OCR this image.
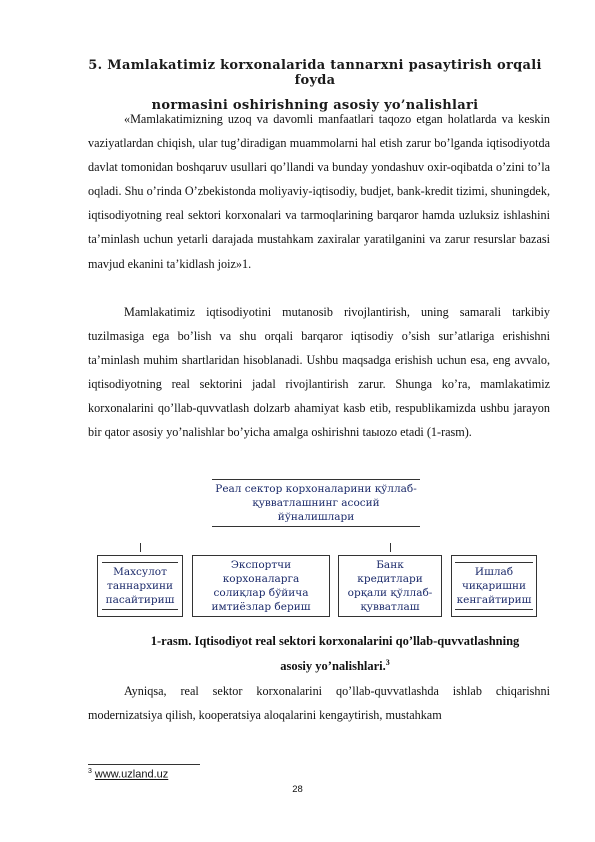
5. Mamlakatimiz korxonalarida tannarxni pasaytirish orqali foyda
normasini oshirishning asosiy yo’nalishlari

«Mamlakatimizning uzoq va davomli manfaatlari taqozo etgan holatlarda va keskin vaziyatlardan chiqish, ular tug’diradigan muammolarni hal etish zarur bo’lganda iqtisodiyotda davlat tomonidan boshqaruv usullari qo’llandi va bunday yondashuv oxir-oqibatda o’zini to’la oqladi. Shu o’rinda O’zbekistonda moliyaviy-iqtisodiy, budjet, bank-kredit tizimi, shuningdek, iqtisodiyotning real sektori korxonalari va tarmoqlarining barqaror hamda uzluksiz ishlashini ta’minlash uchun yetarli darajada mustahkam zaxiralar yaratilganini va zarur resurslar bazasi mavjud ekanini ta’kidlash joiz»1.

Mamlakatimiz iqtisodiyotini mutanosib rivojlantirish, uning samarali tarkibiy tuzilmasiga ega bo’lish va shu orqali barqaror iqtisodiy o’sish sur’atlariga erishishni ta’minlash muhim shartlaridan hisoblanadi. Ushbu maqsadga erishish uchun esa, eng avvalo, iqtisodiyotning real sektorini jadal rivojlantirish zarur. Shunga ko’ra, mamlakatimiz korxonalarini qo’llab-quvvatlash dolzarb ahamiyat kasb etib, respublikamizda ushbu jarayon bir qator asosiy yo’nalishlar bo’yicha amalga oshirishni taыozo etadi (1-rasm).

Реал сектор корхоналарини қўллаб-қувватлашнинг асосий йўналишлари
Махсулот таннархини пасайтириш
Экспортчи корхоналарга солиқлар бўйича имтиёзлар бериш
Банк кредитлари орқали қўллаб-қувватлаш
Ишлаб чиқаришни кенгайтириш
1-rasm. Iqtisodiyot real sektori korxonalarini qo’llab-quvvatlashning
asosiy yo’nalishlari.$^3$

Ayniqsa, real sektor korxonalarini qo’llab-quvvatlashda ishlab chiqarishni modernizatsiya qilish, kooperatsiya aloqalarini kengaytirish, mustahkam

$^3$ www.uzland.uz
28
